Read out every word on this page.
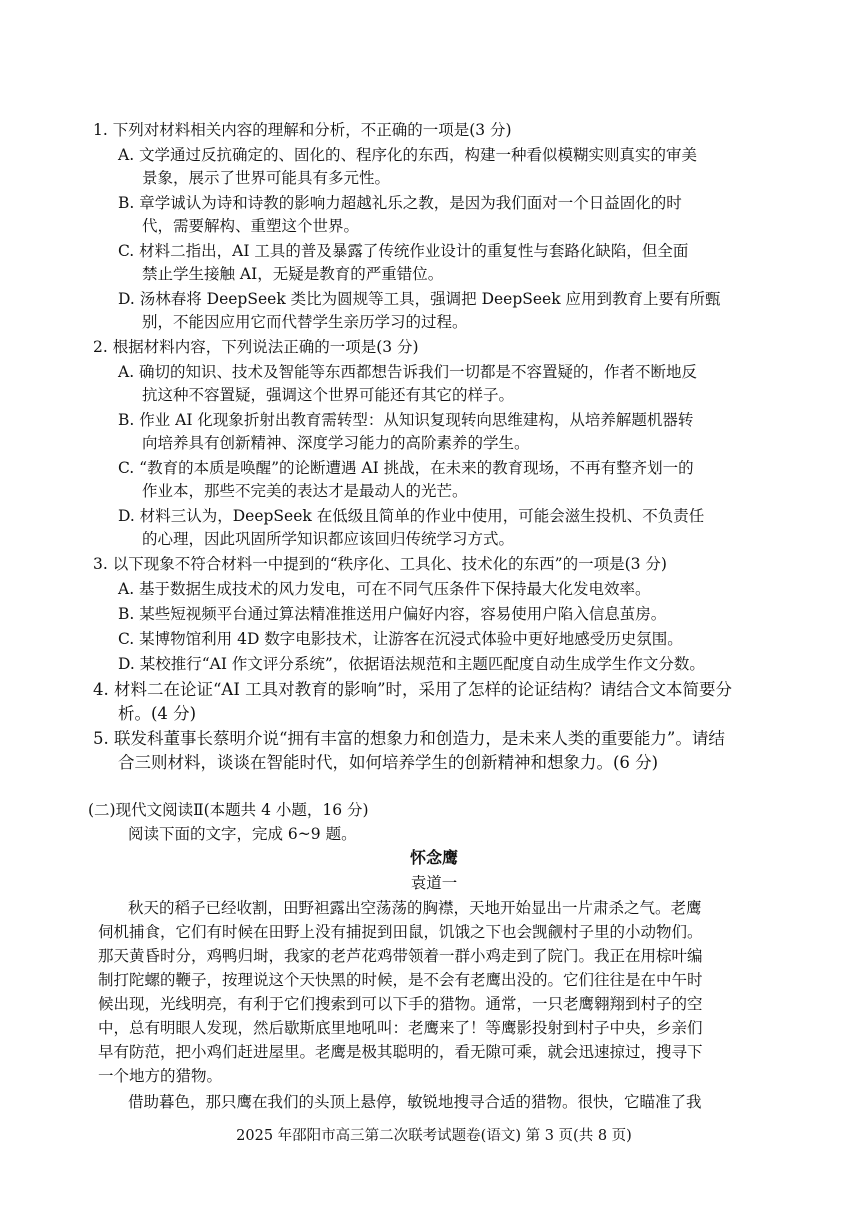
1. 下列对材料相关内容的理解和分析，不正确的一项是(3 分)
A. 文学通过反抗确定的、固化的、程序化的东西，构建一种看似模糊实则真实的审美
景象，展示了世界可能具有多元性。
B. 章学诚认为诗和诗教的影响力超越礼乐之教，是因为我们面对一个日益固化的时
代，需要解构、重塑这个世界。
C. 材料二指出，AI 工具的普及暴露了传统作业设计的重复性与套路化缺陷，但全面
禁止学生接触 AI，无疑是教育的严重错位。
D. 汤林春将 DeepSeek 类比为圆规等工具，强调把 DeepSeek 应用到教育上要有所甄
别，不能因应用它而代替学生亲历学习的过程。
2. 根据材料内容，下列说法正确的一项是(3 分)
A. 确切的知识、技术及智能等东西都想告诉我们一切都是不容置疑的，作者不断地反
抗这种不容置疑，强调这个世界可能还有其它的样子。
B. 作业 AI 化现象折射出教育需转型：从知识复现转向思维建构，从培养解题机器转
向培养具有创新精神、深度学习能力的高阶素养的学生。
C. “教育的本质是唤醒”的论断遭遇 AI 挑战，在未来的教育现场，不再有整齐划一的
作业本，那些不完美的表达才是最动人的光芒。
D. 材料三认为，DeepSeek 在低级且简单的作业中使用，可能会滋生投机、不负责任
的心理，因此巩固所学知识都应该回归传统学习方式。
3. 以下现象不符合材料一中提到的“秩序化、工具化、技术化的东西”的一项是(3 分)
A. 基于数据生成技术的风力发电，可在不同气压条件下保持最大化发电效率。
B. 某些短视频平台通过算法精准推送用户偏好内容，容易使用户陷入信息茧房。
C. 某博物馆利用 4D 数字电影技术，让游客在沉浸式体验中更好地感受历史氛围。
D. 某校推行“AI 作文评分系统”，依据语法规范和主题匹配度自动生成学生作文分数。
4. 材料二在论证“AI 工具对教育的影响”时，采用了怎样的论证结构？请结合文本简要分
析。(4 分)
5. 联发科董事长蔡明介说“拥有丰富的想象力和创造力，是未来人类的重要能力”。请结
合三则材料，谈谈在智能时代，如何培养学生的创新精神和想象力。(6 分)
(二)现代文阅读Ⅱ(本题共 4 小题，16 分)
阅读下面的文字，完成 6~9 题。
怀念鹰
袁道一
秋天的稻子已经收割，田野袒露出空荡荡的胸襟，天地开始显出一片肃杀之气。老鹰
伺机捕食，它们有时候在田野上没有捕捉到田鼠，饥饿之下也会觊觎村子里的小动物们。
那天黄昏时分，鸡鸭归埘，我家的老芦花鸡带领着一群小鸡走到了院门。我正在用棕叶编
制打陀螺的鞭子，按理说这个天快黑的时候，是不会有老鹰出没的。它们往往是在中午时
候出现，光线明亮，有利于它们搜索到可以下手的猎物。通常，一只老鹰翱翔到村子的空
中，总有明眼人发现，然后歇斯底里地吼叫：老鹰来了！等鹰影投射到村子中央，乡亲们
早有防范，把小鸡们赶进屋里。老鹰是极其聪明的，看无隙可乘，就会迅速掠过，搜寻下
一个地方的猎物。
借助暮色，那只鹰在我们的头顶上悬停，敏锐地搜寻合适的猎物。很快，它瞄准了我
2025 年邵阳市高三第二次联考试题卷(语文) 第 3 页(共 8 页)
